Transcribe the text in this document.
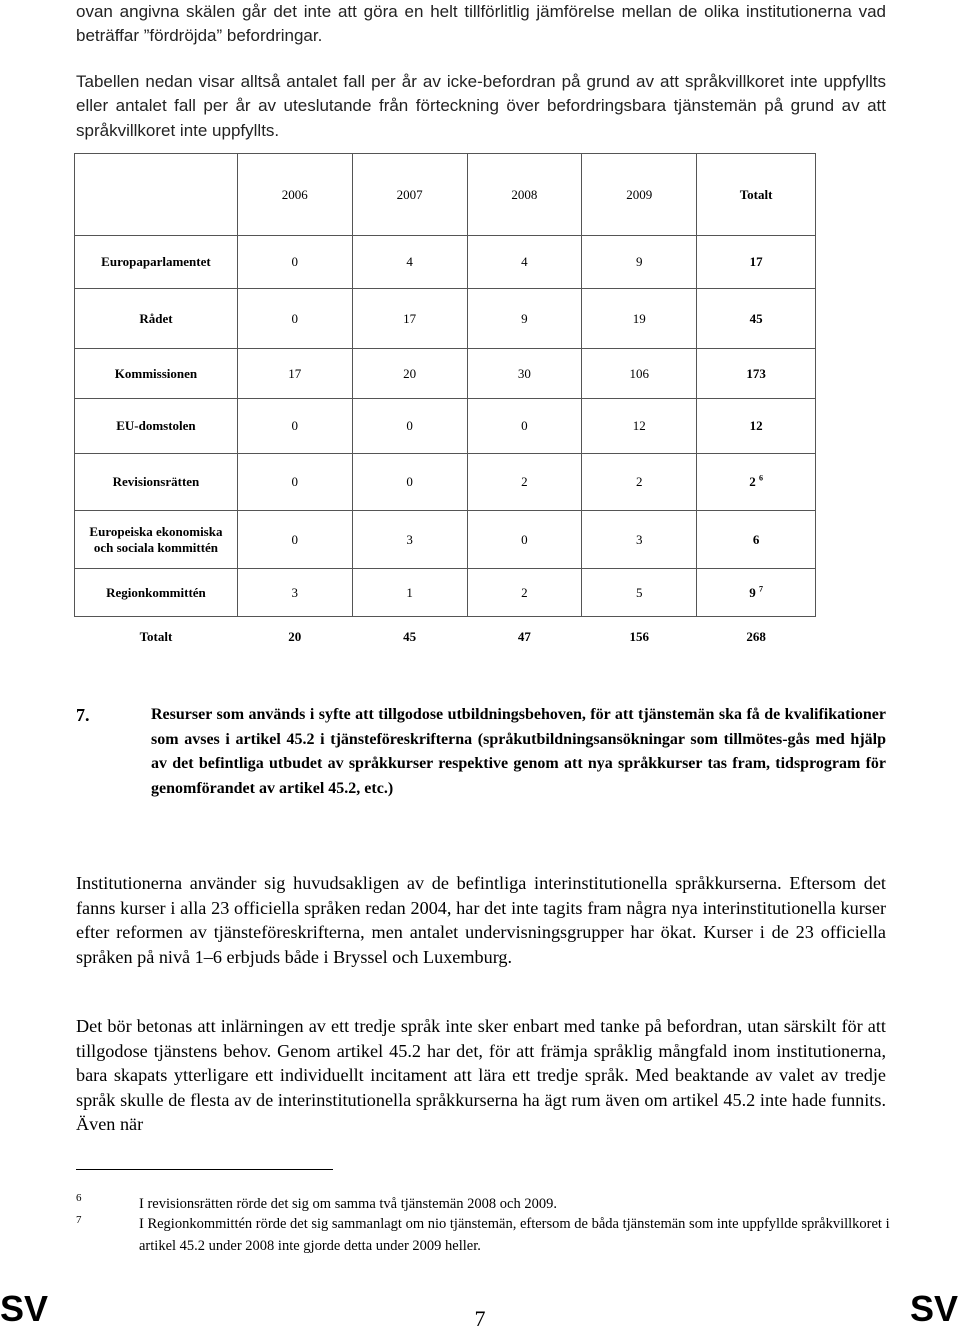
ovan angivna skälen går det inte att göra en helt tillförlitlig jämförelse mellan de olika institutionerna vad beträffar ”fördröjda” befordringar.

Tabellen nedan visar alltså antalet fall per år av icke-befordran på grund av att språkvillkoret inte uppfyllts eller antalet fall per år av uteslutande från förteckning över befordringsbara tjänstemän på grund av att språkvillkoret inte uppfyllts.

	2006	2007	2008	2009	Totalt
Europaparlamentet	0	4	4	9	17
Rådet	0	17	9	19	45
Kommissionen	17	20	30	106	173
EU-domstolen	0	0	0	12	12
Revisionsrätten	0	0	2	2	2 $^6$
Europeiska ekonomiska och sociala kommittén	0	3	0	3	6
Regionkommittén	3	1	2	5	9 $^7$
Totalt	20	45	47	156	268
7.	Resurser som används i syfte att tillgodose utbildningsbehoven, för att tjänstemän ska få de kvalifikationer som avses i artikel 45.2 i tjänsteföreskrifterna (språkutbildningsansökningar som tillmötes-gås med hjälp av det befintliga utbudet av språkkurser respektive genom att nya språkkurser tas fram, tidsprogram för genomförandet av artikel 45.2, etc.)

Institutionerna använder sig huvudsakligen av de befintliga interinstitutionella språkkurserna. Eftersom det fanns kurser i alla 23 officiella språken redan 2004, har det inte tagits fram några nya interinstitutionella kurser efter reformen av tjänsteföreskrifterna, men antalet undervisningsgrupper har ökat. Kurser i de 23 officiella språken på nivå 1–6 erbjuds både i Bryssel och Luxemburg.

Det bör betonas att inlärningen av ett tredje språk inte sker enbart med tanke på befordran, utan särskilt för att tillgodose tjänstens behov. Genom artikel 45.2 har det, för att främja språklig mångfald inom institutionerna, bara skapats ytterligare ett individuellt incitament att lära ett tredje språk. Med beaktande av valet av tredje språk skulle de flesta av de interinstitutionella språkkurserna ha ägt rum även om artikel 45.2 inte hade funnits. Även när

6	I revisionsrätten rörde det sig om samma två tjänstemän 2008 och 2009.

7	I Regionkommittén rörde det sig sammanlagt om nio tjänstemän, eftersom de båda tjänstemän som inte uppfyllde språkvillkoret i artikel 45.2 under 2008 inte gjorde detta under 2009 heller.

SV	7	SV
